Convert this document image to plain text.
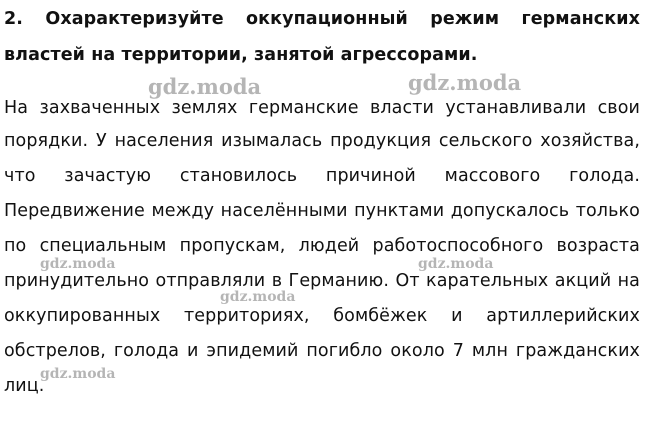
2. Охарактеризуйте оккупационный режим германских
властей на территории, занятой агрессорами.
На захваченных землях германские власти устанавливали свои
порядки. У населения изымалась продукция сельского хозяйства,
что зачастую становилось причиной массового голода.
Передвижение между населёнными пунктами допускалось только
по специальным пропускам, людей работоспособного возраста
принудительно отправляли в Германию. От карательных акций на
оккупированных территориях, бомбёжек и артиллерийских
обстрелов, голода и эпидемий погибло около 7 млн гражданских
лиц.
gdz.moda	gdz.moda
gdz.moda	gdz.moda
gdz.moda
gdz.moda
